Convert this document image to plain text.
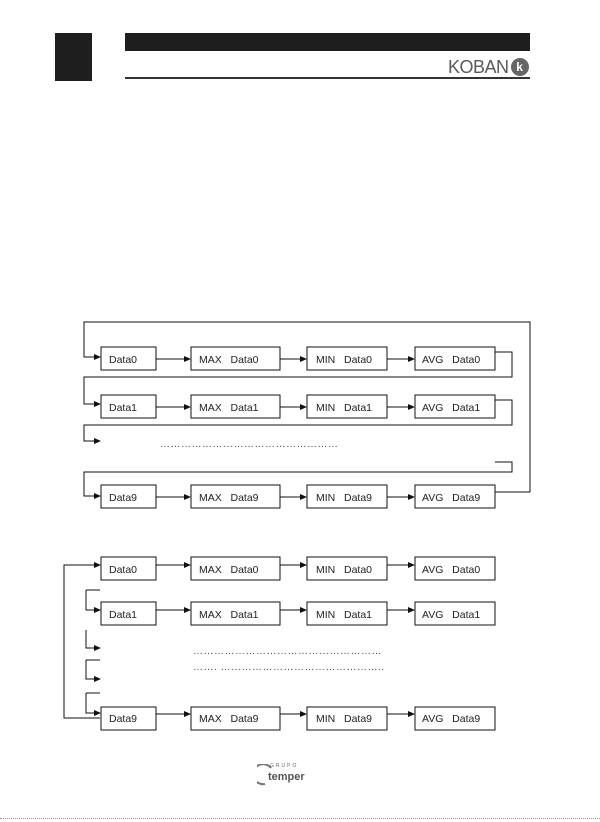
KOBAN k
Data0	MAX   Data0	MIN   Data0	AVG   Data0
Data1	MAX   Data1	MIN   Data1	AVG   Data1
……………………………………………
Data9	MAX   Data9	MIN   Data9	AVG   Data9
Data0	MAX   Data0	MIN   Data0	AVG   Data0
Data1	MAX   Data1	MIN   Data1	AVG   Data1
………………………………………………
……. ………………………………………..
Data9	MAX   Data9	MIN   Data9	AVG   Data9
GRUPO
temper
